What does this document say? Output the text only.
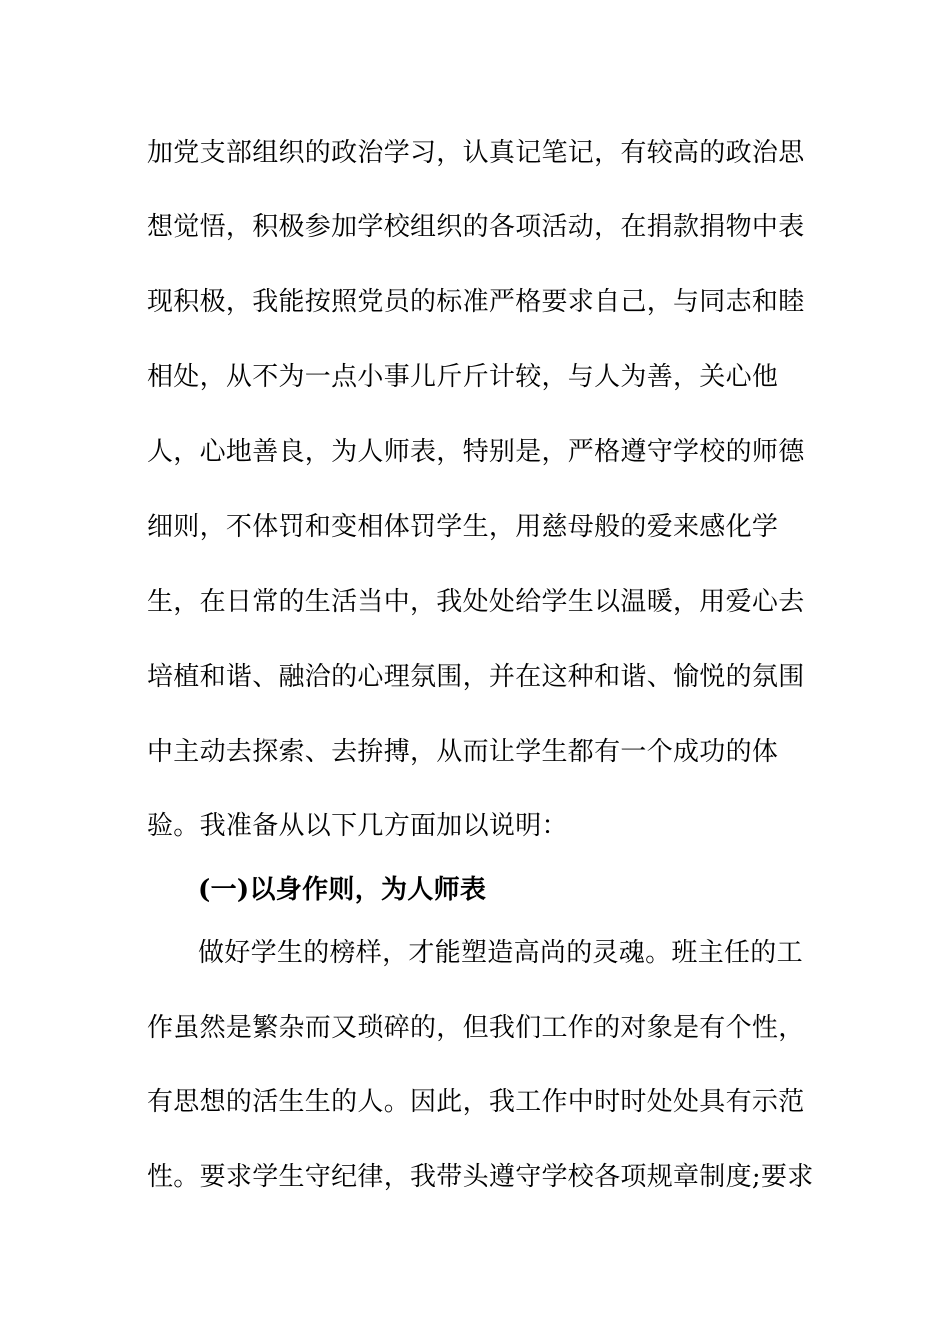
加党支部组织的政治学习，认真记笔记，有较高的政治思
想觉悟，积极参加学校组织的各项活动，在捐款捐物中表
现积极，我能按照党员的标准严格要求自己，与同志和睦
相处，从不为一点小事儿斤斤计较，与人为善，关心他
人，心地善良，为人师表，特别是，严格遵守学校的师德
细则，不体罚和变相体罚学生，用慈母般的爱来感化学
生，在日常的生活当中，我处处给学生以温暖，用爱心去
培植和谐、融洽的心理氛围，并在这种和谐、愉悦的氛围
中主动去探索、去拚搏，从而让学生都有一个成功的体
验。我准备从以下几方面加以说明：
(一)以身作则，为人师表
做好学生的榜样，才能塑造高尚的灵魂。班主任的工
作虽然是繁杂而又琐碎的，但我们工作的对象是有个性，
有思想的活生生的人。因此，我工作中时时处处具有示范
性。要求学生守纪律，我带头遵守学校各项规章制度;要求
